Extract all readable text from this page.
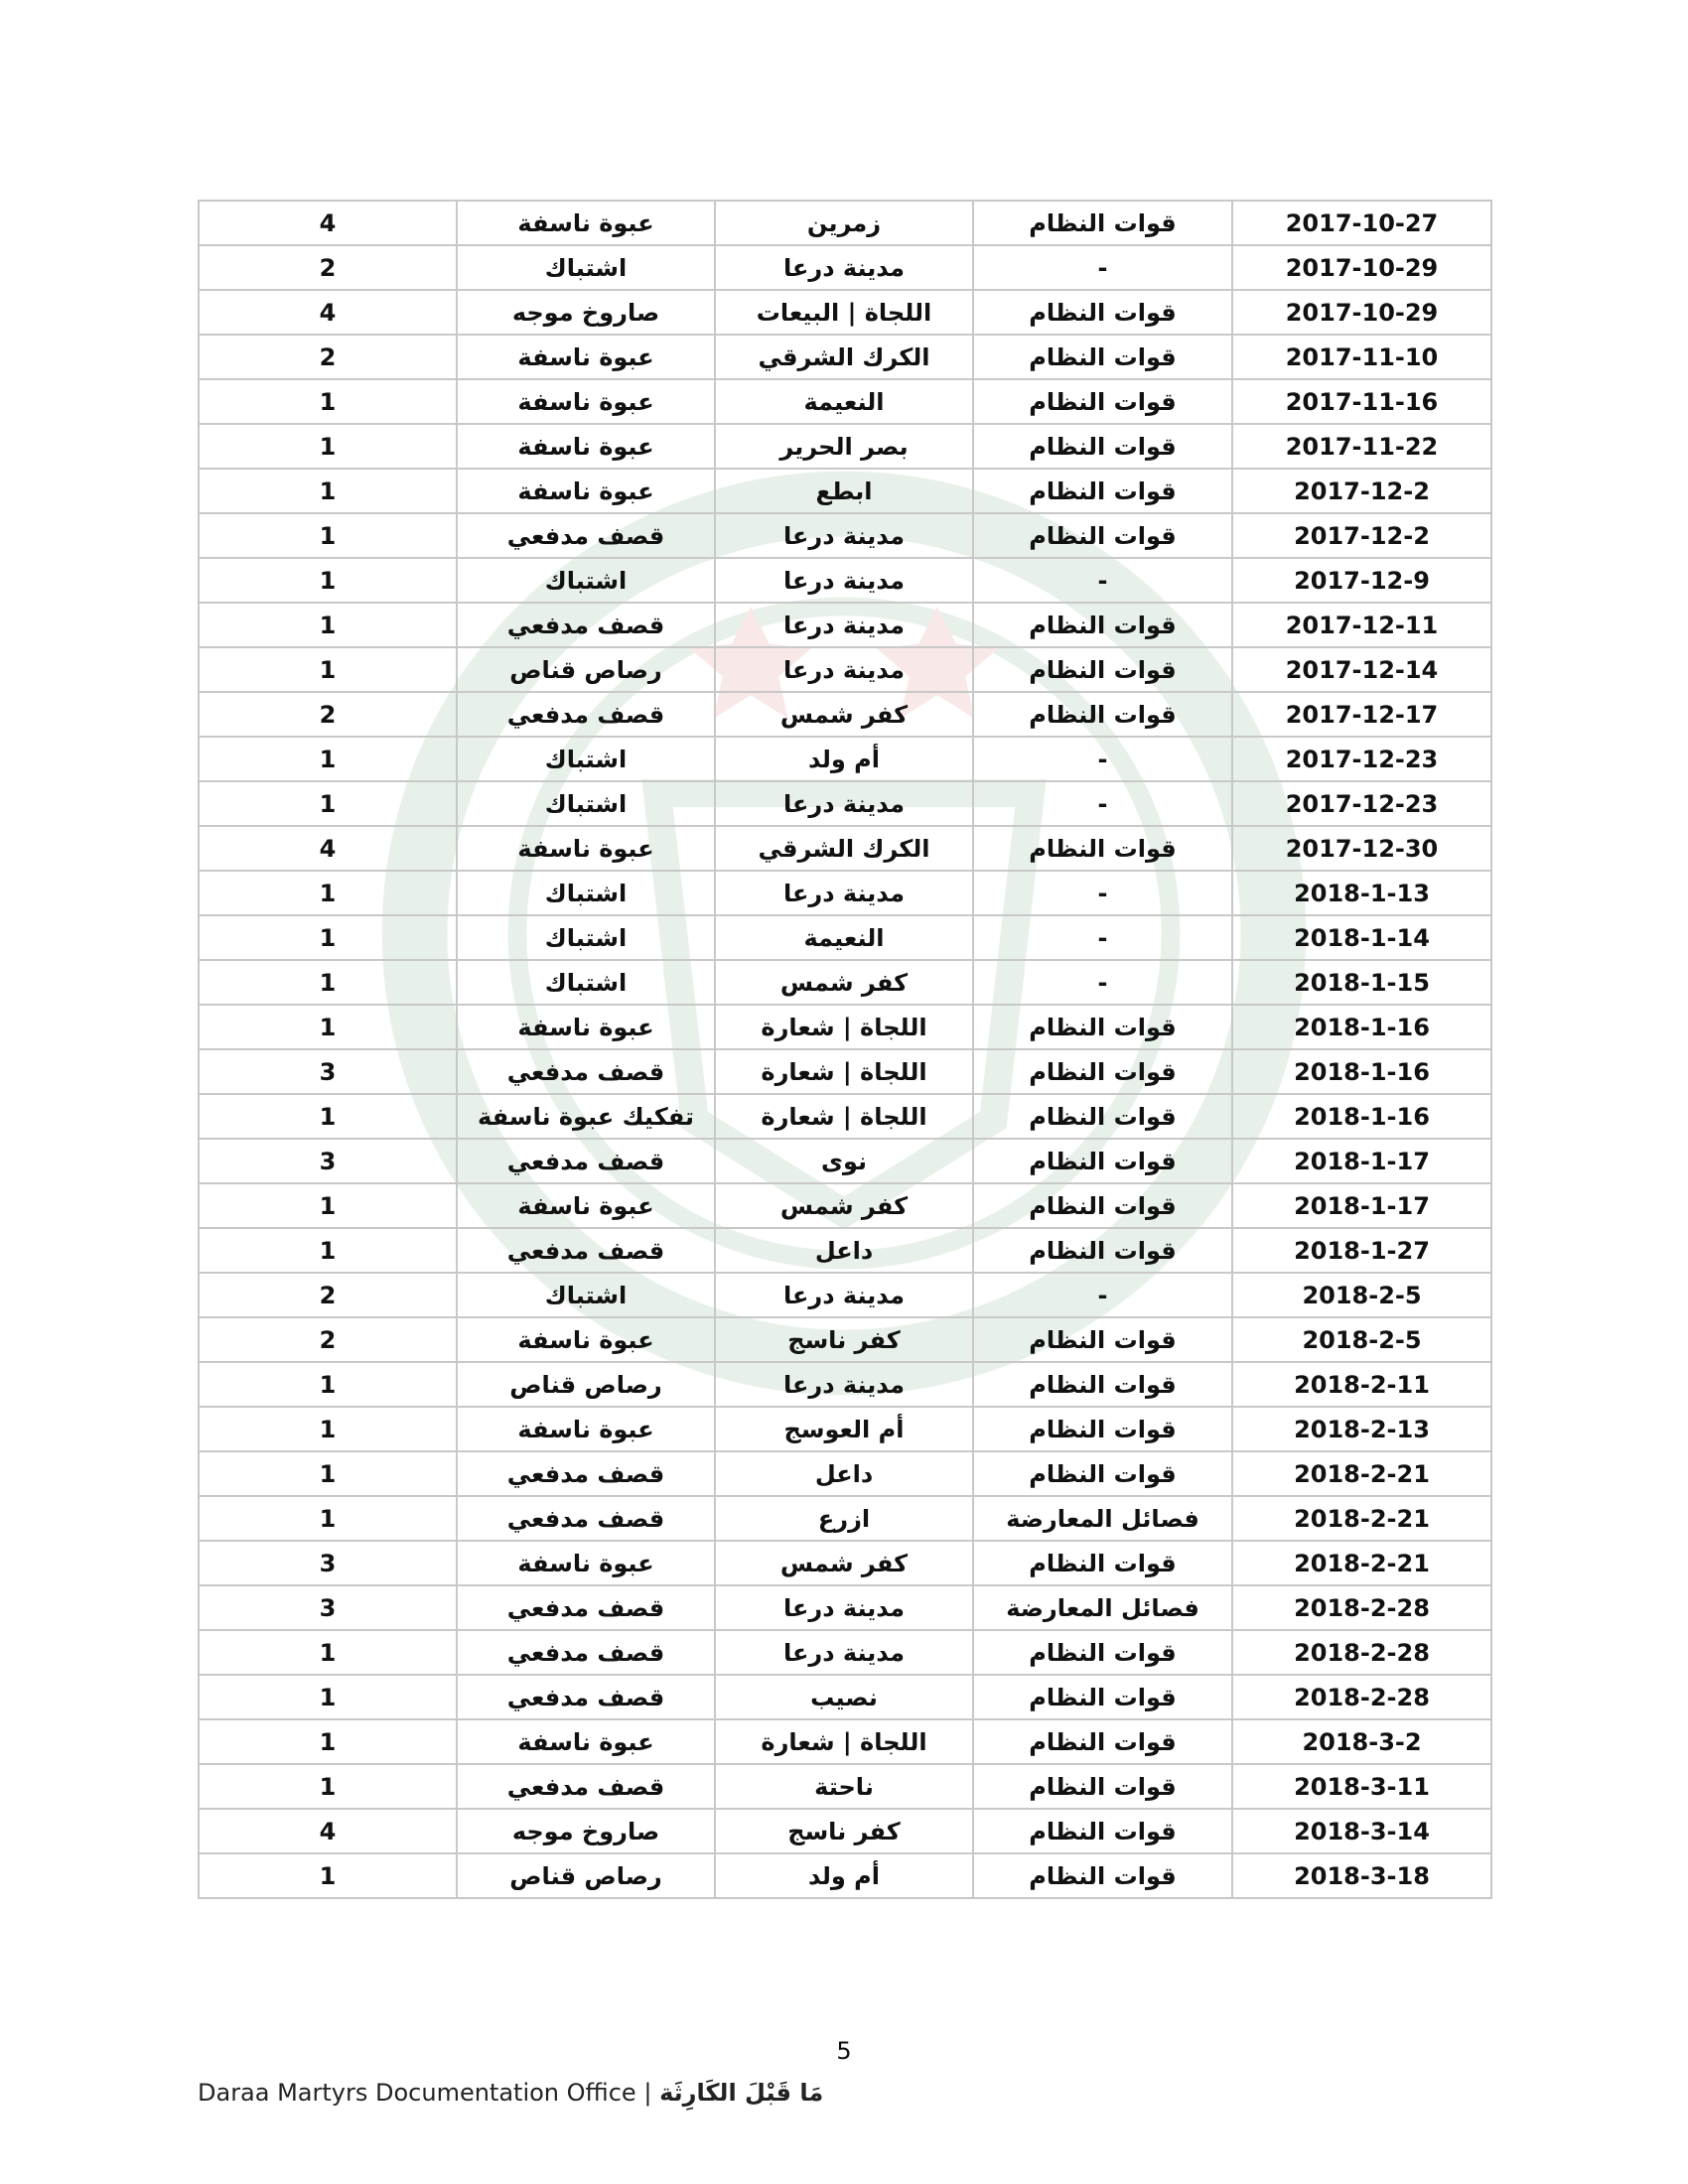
4	عبوة ناسفة	زمرين	قوات النظام	2017-10-27
2	اشتباك	مدينة درعا	-	2017-10-29
4	صاروخ موجه	اللجاة | البيعات	قوات النظام	2017-10-29
2	عبوة ناسفة	الكرك الشرقي	قوات النظام	2017-11-10
1	عبوة ناسفة	النعيمة	قوات النظام	2017-11-16
1	عبوة ناسفة	بصر الحرير	قوات النظام	2017-11-22
1	عبوة ناسفة	ابطع	قوات النظام	2017-12-2
1	قصف مدفعي	مدينة درعا	قوات النظام	2017-12-2
1	اشتباك	مدينة درعا	-	2017-12-9
1	قصف مدفعي	مدينة درعا	قوات النظام	2017-12-11
1	رصاص قناص	مدينة درعا	قوات النظام	2017-12-14
2	قصف مدفعي	كفر شمس	قوات النظام	2017-12-17
1	اشتباك	أم ولد	-	2017-12-23
1	اشتباك	مدينة درعا	-	2017-12-23
4	عبوة ناسفة	الكرك الشرقي	قوات النظام	2017-12-30
1	اشتباك	مدينة درعا	-	2018-1-13
1	اشتباك	النعيمة	-	2018-1-14
1	اشتباك	كفر شمس	-	2018-1-15
1	عبوة ناسفة	اللجاة | شعارة	قوات النظام	2018-1-16
3	قصف مدفعي	اللجاة | شعارة	قوات النظام	2018-1-16
1	تفكيك عبوة ناسفة	اللجاة | شعارة	قوات النظام	2018-1-16
3	قصف مدفعي	نوى	قوات النظام	2018-1-17
1	عبوة ناسفة	كفر شمس	قوات النظام	2018-1-17
1	قصف مدفعي	داعل	قوات النظام	2018-1-27
2	اشتباك	مدينة درعا	-	2018-2-5
2	عبوة ناسفة	كفر ناسج	قوات النظام	2018-2-5
1	رصاص قناص	مدينة درعا	قوات النظام	2018-2-11
1	عبوة ناسفة	أم العوسج	قوات النظام	2018-2-13
1	قصف مدفعي	داعل	قوات النظام	2018-2-21
1	قصف مدفعي	ازرع	فصائل المعارضة	2018-2-21
3	عبوة ناسفة	كفر شمس	قوات النظام	2018-2-21
3	قصف مدفعي	مدينة درعا	فصائل المعارضة	2018-2-28
1	قصف مدفعي	مدينة درعا	قوات النظام	2018-2-28
1	قصف مدفعي	نصيب	قوات النظام	2018-2-28
1	عبوة ناسفة	اللجاة | شعارة	قوات النظام	2018-3-2
1	قصف مدفعي	ناحتة	قوات النظام	2018-3-11
4	صاروخ موجه	كفر ناسج	قوات النظام	2018-3-14
1	رصاص قناص	أم ولد	قوات النظام	2018-3-18
5
Daraa Martyrs Documentation Office | مَا قَبْلَ الكَارِثَة
